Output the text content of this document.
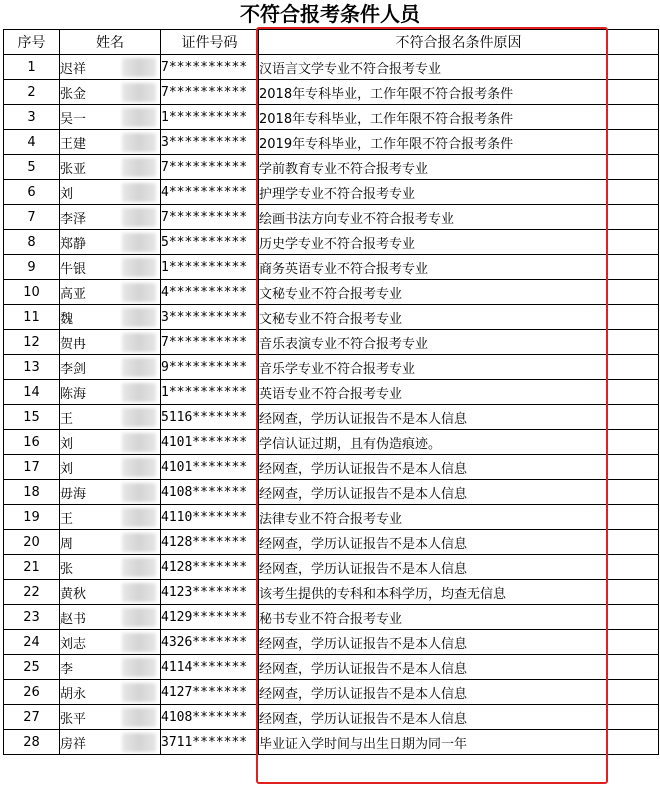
不符合报考条件人员
序号	姓名	证件号码	不符合报名条件原因
1	迟祥	7**********	汉语言文学专业不符合报考专业
2	张金	7**********	2018年专科毕业，工作年限不符合报考条件
3	吴一	1**********	2018年专科毕业，工作年限不符合报考条件
4	王建	3**********	2019年专科毕业，工作年限不符合报考条件
5	张亚	7**********	学前教育专业不符合报考专业
6	刘	4**********	护理学专业不符合报考专业
7	李泽	7**********	绘画书法方向专业不符合报考专业
8	郑静	5**********	历史学专业不符合报考专业
9	牛银	1**********	商务英语专业不符合报考专业
10	高亚	4**********	文秘专业不符合报考专业
11	魏	3**********	文秘专业不符合报考专业
12	贺冉	7**********	音乐表演专业不符合报考专业
13	李剑	9**********	音乐学专业不符合报考专业
14	陈海	1**********	英语专业不符合报考专业
15	王	5116*******	经网查，学历认证报告不是本人信息
16	刘	4101*******	学信认证过期，且有伪造痕迹。
17	刘	4101*******	经网查，学历认证报告不是本人信息
18	毋海	4108*******	经网查，学历认证报告不是本人信息
19	王	4110*******	法律专业不符合报考专业
20	周	4128*******	经网查，学历认证报告不是本人信息
21	张	4128*******	经网查，学历认证报告不是本人信息
22	黄秋	4123*******	该考生提供的专科和本科学历，均查无信息
23	赵书	4129*******	秘书专业不符合报考专业
24	刘志	4326*******	经网查，学历认证报告不是本人信息
25	李	4114*******	经网查，学历认证报告不是本人信息
26	胡永	4127*******	经网查，学历认证报告不是本人信息
27	张平	4108*******	经网查，学历认证报告不是本人信息
28	房祥	3711*******	毕业证入学时间与出生日期为同一年
